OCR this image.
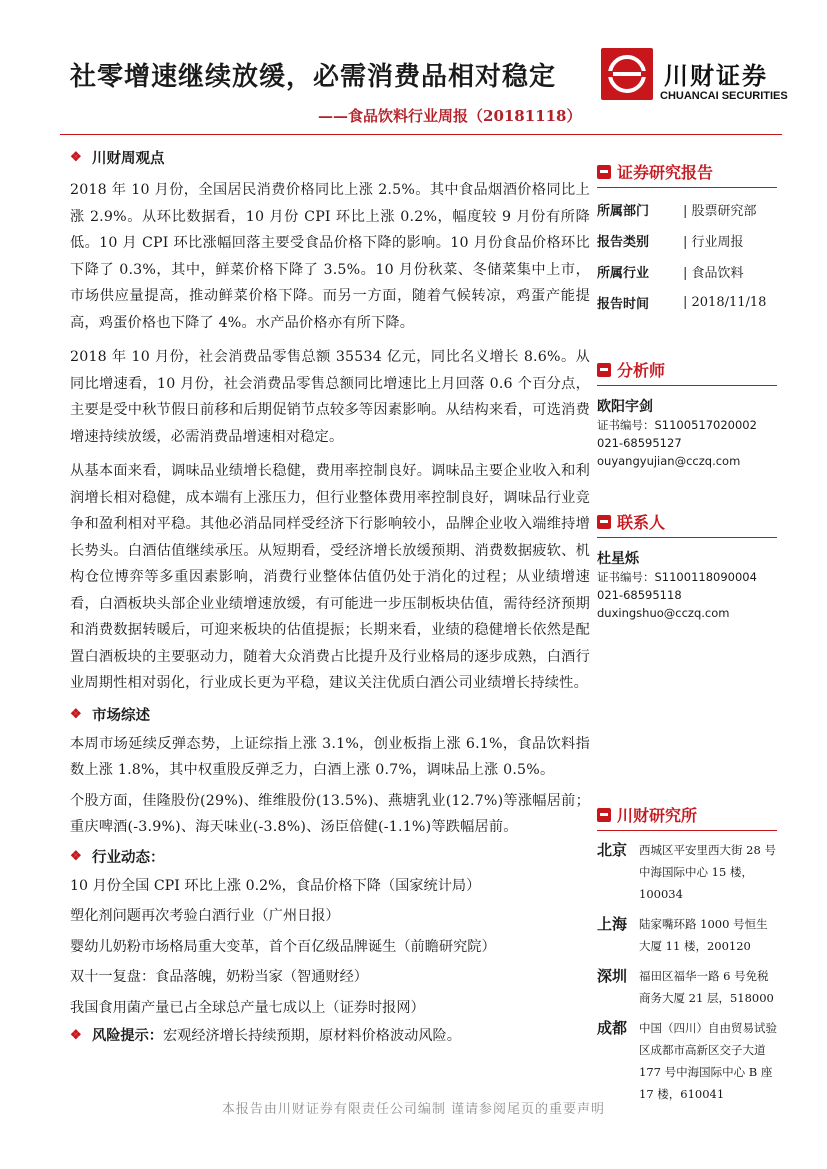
社零增速继续放缓，必需消费品相对稳定
——食品饮料行业周报（20181118）
川财证券
CHUANCAI SECURITIES
❖ 川财周观点

2018 年 10 月份，全国居民消费价格同比上涨 2.5%。其中食品烟酒价格同比上涨 2.9%。从环比数据看，10 月份 CPI 环比上涨 0.2%，幅度较 9 月份有所降低。10 月 CPI 环比涨幅回落主要受食品价格下降的影响。10 月份食品价格环比下降了 0.3%，其中，鲜菜价格下降了 3.5%。10 月份秋菜、冬储菜集中上市，市场供应量提高，推动鲜菜价格下降。而另一方面，随着气候转凉，鸡蛋产能提高，鸡蛋价格也下降了 4%。水产品价格亦有所下降。

2018 年 10 月份，社会消费品零售总额 35534 亿元，同比名义增长 8.6%。从同比增速看，10 月份，社会消费品零售总额同比增速比上月回落 0.6 个百分点，主要是受中秋节假日前移和后期促销节点较多等因素影响。从结构来看，可选消费增速持续放缓，必需消费品增速相对稳定。

从基本面来看，调味品业绩增长稳健，费用率控制良好。调味品主要企业收入和利润增长相对稳健，成本端有上涨压力，但行业整体费用率控制良好，调味品行业竞争和盈利相对平稳。其他必消品同样受经济下行影响较小，品牌企业收入端维持增长势头。白酒估值继续承压。从短期看，受经济增长放缓预期、消费数据疲软、机构仓位博弈等多重因素影响，消费行业整体估值仍处于消化的过程；从业绩增速看，白酒板块头部企业业绩增速放缓，有可能进一步压制板块估值，需待经济预期和消费数据转暖后，可迎来板块的估值提振；长期来看，业绩的稳健增长依然是配置白酒板块的主要驱动力，随着大众消费占比提升及行业格局的逐步成熟，白酒行业周期性相对弱化，行业成长更为平稳，建议关注优质白酒公司业绩增长持续性。

❖ 市场综述

本周市场延续反弹态势，上证综指上涨 3.1%，创业板指上涨 6.1%，食品饮料指数上涨 1.8%，其中权重股反弹乏力，白酒上涨 0.7%，调味品上涨 0.5%。

个股方面，佳隆股份(29%)、维维股份(13.5%)、燕塘乳业(12.7%)等涨幅居前；重庆啤酒(-3.9%)、海天味业(-3.8%)、汤臣倍健(-1.1%)等跌幅居前。

❖ 行业动态：
10 月份全国 CPI 环比上涨 0.2%，食品价格下降（国家统计局）
塑化剂问题再次考验白酒行业（广州日报）
婴幼儿奶粉市场格局重大变革，首个百亿级品牌诞生（前瞻研究院）
双十一复盘：食品落魄，奶粉当家（智通财经）
我国食用菌产量已占全球总产量七成以上（证券时报网）
❖ 风险提示： 宏观经济增长持续预期，原材料价格波动风险。
证券研究报告
所属部门	| 股票研究部
报告类别	| 行业周报
所属行业	| 食品饮料
报告时间	| 2018/11/18
分析师
欧阳宇剑
证书编号：S1100517020002
021-68595127
ouyangyujian@cczq.com
联系人
杜星烁
证书编号：S1100118090004
021-68595118
duxingshuo@cczq.com
川财研究所
北京	西城区平安里西大街 28 号中海国际中心 15 楼，100034
上海	陆家嘴环路 1000 号恒生大厦 11 楼，200120
深圳	福田区福华一路 6 号免税商务大厦 21 层，518000
成都	中国（四川）自由贸易试验区成都市高新区交子大道 177 号中海国际中心 B 座 17 楼，610041
本报告由川财证券有限责任公司编制 谨请参阅尾页的重要声明
